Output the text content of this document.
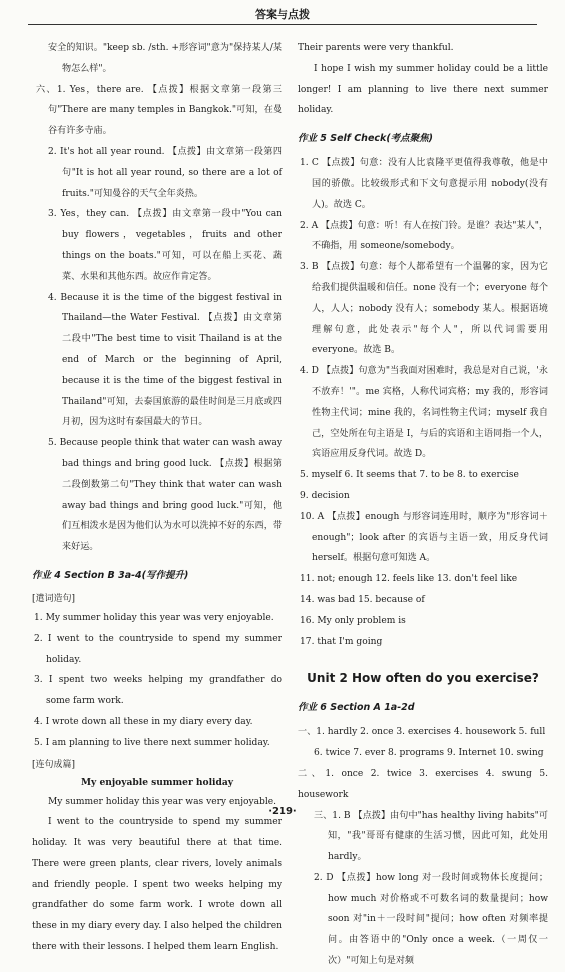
答案与点拨

安全的知识。"keep sb. /sth. +形容词"意为"保持某人/某物怎么样"。

六、1. Yes，there are. 【点拨】根据文章第一段第三句"There are many temples in Bangkok."可知，在曼谷有许多寺庙。

2. It's hot all year round. 【点拨】由文章第一段第四句"It is hot all year round, so there are a lot of fruits."可知曼谷的天气全年炎热。

3. Yes，they can. 【点拨】由文章第一段中"You can buy flowers，vegetables，fruits and other things on the boats."可知，可以在船上买花、蔬菜、水果和其他东西。故应作肯定答。

4. Because it is the time of the biggest festival in Thailand—the Water Festival. 【点拨】由文章第二段中"The best time to visit Thailand is at the end of March or the beginning of April, because it is the time of the biggest festival in Thailand"可知，去泰国旅游的最佳时间是三月底或四月初，因为这时有泰国最大的节日。

5. Because people think that water can wash away bad things and bring good luck. 【点拨】根据第二段倒数第二句"They think that water can wash away bad things and bring good luck."可知，他们互相泼水是因为他们认为水可以洗掉不好的东西，带来好运。

作业 4 Section B 3a-4(写作提升)
[遣词造句]

1. My summer holiday this year was very enjoyable.

2. I went to the countryside to spend my summer holiday.

3. I spent two weeks helping my grandfather do some farm work.

4. I wrote down all these in my diary every day.

5. I am planning to live there next summer holiday.

[连句成篇]

My enjoyable summer holiday

My summer holiday this year was very enjoyable.

I went to the countryside to spend my summer holiday. It was very beautiful there at that time. There were green plants, clear rivers, lovely animals and friendly people. I spent two weeks helping my grandfather do some farm work. I wrote down all these in my diary every day. I also helped the children there with their lessons. I helped them learn English.

Their parents were very thankful.

I hope I wish my summer holiday could be a little longer! I am planning to live there next summer holiday.

作业 5 Self Check(考点聚焦)

1. C 【点拨】句意：没有人比袁隆平更值得我尊敬，他是中国的骄傲。比较级形式和下文句意提示用 nobody(没有人)。故选 C。

2. A 【点拨】句意：听！有人在按门铃。是谁？表达"某人"，不确指，用 someone/somebody。

3. B 【点拨】句意：每个人都希望有一个温馨的家，因为它给我们提供温暖和信任。none 没有一个；everyone 每个人，人人；nobody 没有人；somebody 某人。根据语境理解句意，此处表示"每个人"，所以代词需要用 everyone。故选 B。

4. D 【点拨】句意为"当我面对困难时，我总是对自己说，'永不放弃！'"。me 宾格，人称代词宾格；my 我的，形容词性物主代词；mine 我的，名词性物主代词；myself 我自己，空处所在句主语是 I，与后的宾语和主语同指一个人，宾语应用反身代词。故选 D。

5. myself 6. It seems that 7. to be 8. to exercise

9. decision

10. A 【点拨】enough 与形容词连用时，顺序为"形容词＋enough"；look after 的宾语与主语一致，用反身代词herself。根据句意可知选 A。

11. not; enough 12. feels like 13. don't feel like

14. was bad 15. because of

16. My only problem is

17. that I'm going

Unit 2 How often do you exercise?
作业 6 Section A 1a-2d

一、1. hardly 2. once 3. exercises 4. housework 5. full

6. twice 7. ever 8. programs 9. Internet 10. swing

二、1. once 2. twice 3. exercises 4. swung 5. housework

三、1. B 【点拨】由句中"has healthy living habits"可知，"我"哥哥有健康的生活习惯，因此可知，此处用 hardly。

2. D 【点拨】how long 对一段时间或物体长度提问；how much 对价格或不可数名词的数量提问；how soon 对"in＋一段时间"提问；how often 对频率提问。由答语中的"Only once a week.（一周仅一次）"可知上句是对频

·219·
